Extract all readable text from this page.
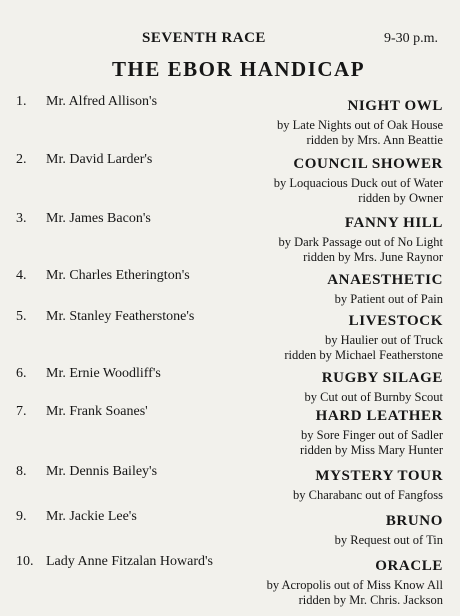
SEVENTH RACE	9-30 p.m.
THE EBOR HANDICAP
1. Mr. Alfred Allison's	NIGHT OWL
by Late Nights out of Oak House
ridden by Mrs. Ann Beattie
2. Mr. David Larder's	COUNCIL SHOWER
by Loquacious Duck out of Water
ridden by Owner
3. Mr. James Bacon's	FANNY HILL
by Dark Passage out of No Light
ridden by Mrs. June Raynor
4. Mr. Charles Etherington's	ANAESTHETIC
by Patient out of Pain
5. Mr. Stanley Featherstone's	LIVESTOCK
by Haulier out of Truck
ridden by Michael Featherstone
6. Mr. Ernie Woodliff's	RUGBY SILAGE
by Cut out of Burnby Scout
7. Mr. Frank Soanes'	HARD LEATHER
by Sore Finger out of Sadler
ridden by Miss Mary Hunter
8. Mr. Dennis Bailey's	MYSTERY TOUR
by Charabanc out of Fangfoss
9. Mr. Jackie Lee's	BRUNO
by Request out of Tin
10. Lady Anne Fitzalan Howard's	ORACLE
by Acropolis out of Miss Know All
ridden by Mr. Chris. Jackson
